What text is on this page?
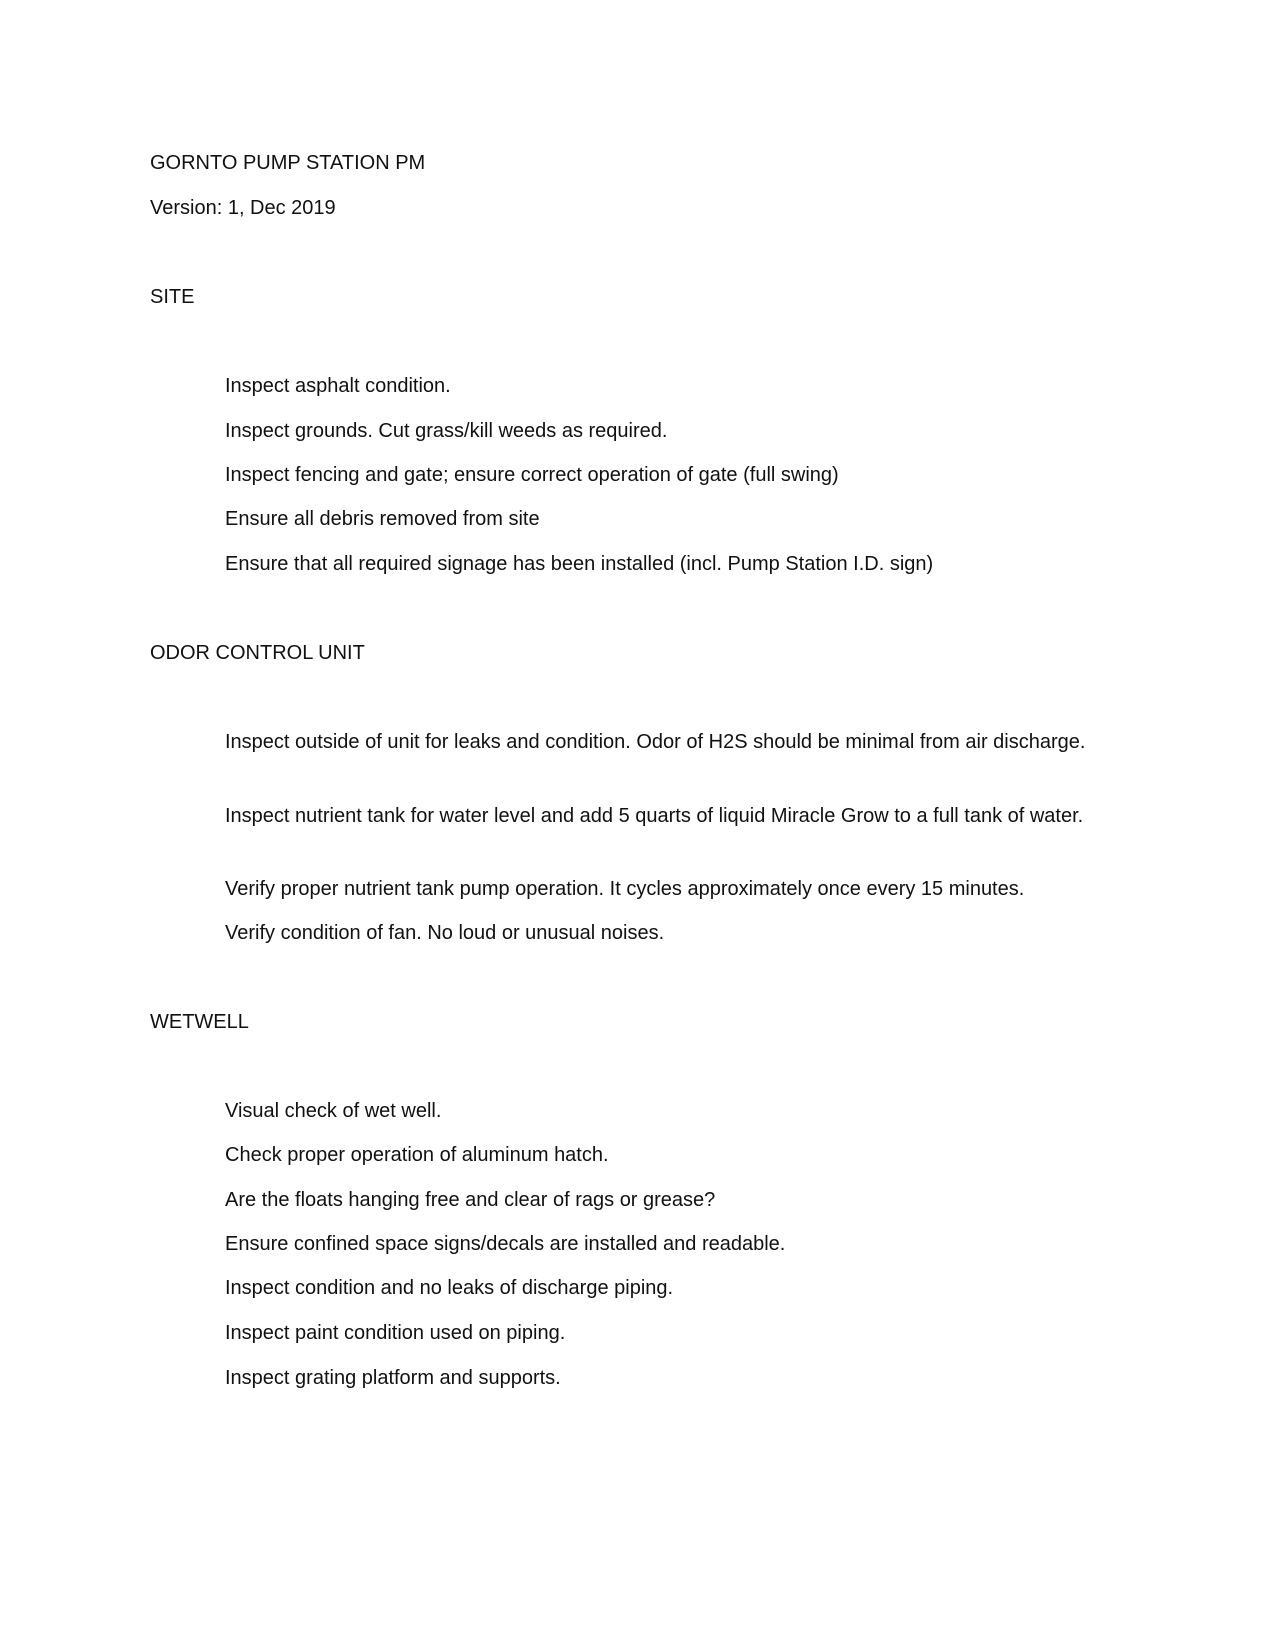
GORNTO PUMP STATION PM
Version: 1, Dec 2019
SITE
Inspect asphalt condition.
Inspect grounds. Cut grass/kill weeds as required.
Inspect fencing and gate; ensure correct operation of gate (full swing)
Ensure all debris removed from site
Ensure that all required signage has been installed (incl. Pump Station I.D. sign)
ODOR CONTROL UNIT
Inspect outside of unit for leaks and condition. Odor of H2S should be minimal from air discharge.
Inspect nutrient tank for water level and add 5 quarts of liquid Miracle Grow to a full tank of water.
Verify proper nutrient tank pump operation. It cycles approximately once every 15 minutes.
Verify condition of fan. No loud or unusual noises.
WETWELL
Visual check of wet well.
Check proper operation of aluminum hatch.
Are the floats hanging free and clear of rags or grease?
Ensure confined space signs/decals are installed and readable.
Inspect condition and no leaks of discharge piping.
Inspect paint condition used on piping.
Inspect grating platform and supports.
